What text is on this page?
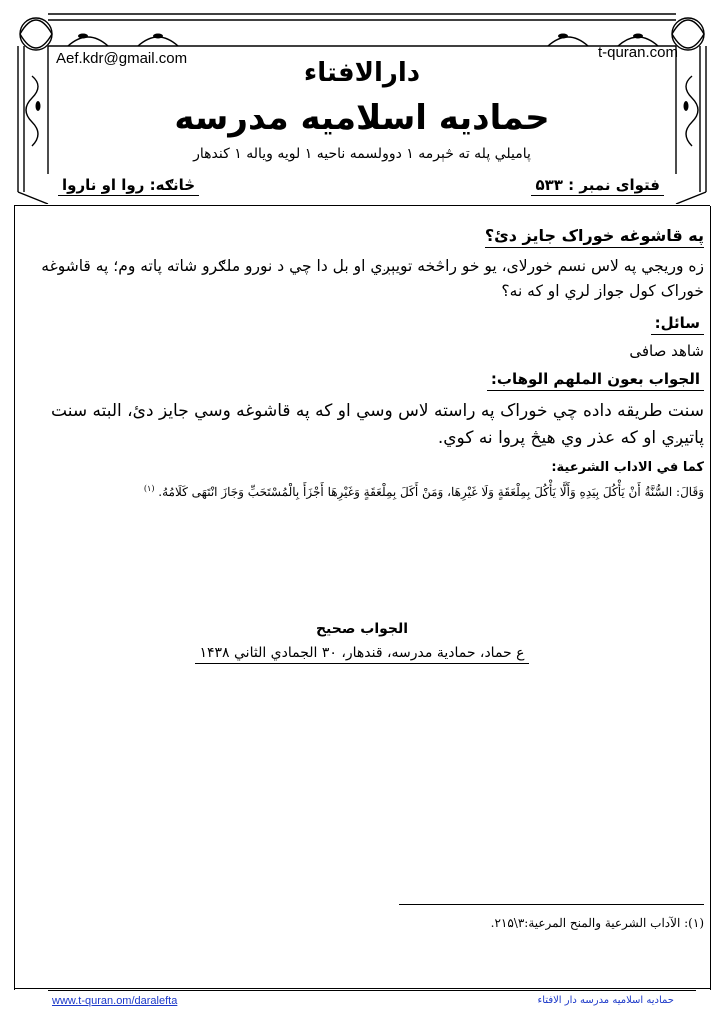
Aef.kdr@gmail.com	t-quran.com
دارالافتاء
حمادیه اسلامیه مدرسه
پامیلي پله ته څېرمه ۱ دوولسمه ناحیه ۱ لویه ویاله ۱ کندهار
فتوای نمبر : ۵۳۳
څانګه: روا او ناروا
په قاشوغه خوراک جایز دئ؟
زه وریجي په لاس نسم خورلای، یو خو راڅخه تویېږي او بل دا چي د نورو ملګرو شاته پاته وم؛ په قاشوغه
خوراک کول جواز لري او که نه؟
سائل:
شاهد صافی
الجواب بعون الملهم الوهاب:
سنت طریقه داده چي خوراک په راسته لاس وسي او که په قاشوغه وسي جایز دئ، البته سنت
پاتیږي او که عذر وي هیڅ پروا نه کوي.
کما في الاداب الشرعیة:
وَقَالَ: السُّنَّةُ أَنْ يَأْكُلَ بِيَدِهِ وَأَلَّا يَأْكُلَ بِمِلْعَقَةٍ وَلَا غَيْرِهَا، وَمَنْ أَكَلَ بِمِلْعَقَةٍ وَغَيْرِهَا أَجْزَأَ بِالْمُسْتَحَبِّ وَجَازَ انْتَهَى كَلَامُهُ. $^{(۱)}$
الجواب صحیح
ع حماد، حمادیة مدرسه، قندهار، ۳۰ الجمادي الثاني ۱۴۳۸
(۱): الآداب الشرعیة والمنح المرعیة:۳\۲۱۵.
www.t-quran.om/daralefta	حمادیه اسلامیه مدرسه دار الافتاء
